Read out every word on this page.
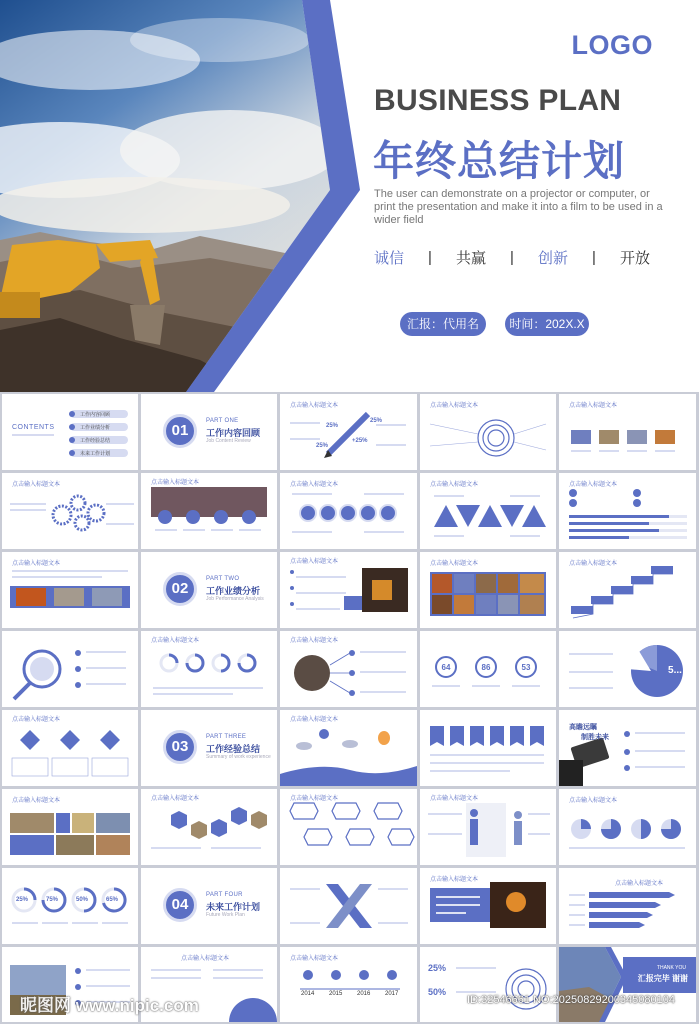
LOGO
BUSINESS PLAN
年终总结计划
The user can demonstrate on a projector or computer, or print the presentation and make it into a film to be used in a wider field
诚信	|	共赢	|	创新	|	开放
汇报：代用名	时间：202X.X
CONTENTS
工作内容回顾
工作业绩分析
工作经验总结
未来工作计划
01
PART ONE
工作内容回顾
Job Content Review
点击输入标题文本
25%
25%
+25%
25%
点击输入标题文本	点击输入标题文本
点击输入标题文本	点击输入标题文本	点击输入标题文本	点击输入标题文本	点击输入标题文本
点击输入标题文本
02
PART TWO
工作业绩分析
Job Performance Analysis
点击输入标题文本	点击输入标题文本	点击输入标题文本
点击输入标题文本	点击输入标题文本
64	86	53	5...
点击输入标题文本
03
PART THREE
工作经验总结
Summary of work experience
点击输入标题文本
高瞻远瞩
制胜未来
点击输入标题文本	点击输入标题文本	点击输入标题文本	点击输入标题文本	点击输入标题文本
25%	75%	50%	65%	04
PART FOUR
未来工作计划
Future Work Plan
点击输入标题文本
点击输入标题文本
点击输入标题文本	点击输入标题文本
2014 2015 2016 2017
25%
50%
THANK YOU
汇报完毕 谢谢
昵图网 www.nipic.com	ID:32546661 NO:20250829200345080104
